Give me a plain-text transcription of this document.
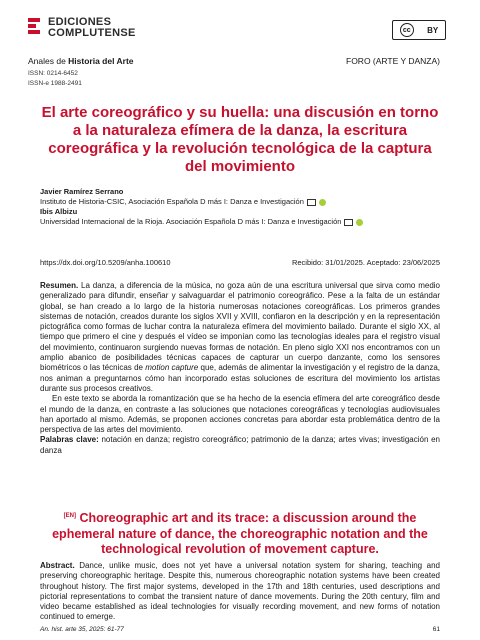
EDICIONES
COMPLUTENSE	cc	BY
Anales de Historia del Arte	FORO (ARTE Y DANZA)
ISSN: 0214-6452
ISSN-e 1988-2491
El arte coreográfico y su huella: una discusión en torno a la naturaleza efímera de la danza, la escritura coreográfica y la revolución tecnológica de la captura del movimiento
Javier Ramírez Serrano
Instituto de Historia-CSIC, Asociación Española D más I: Danza e Investigación
Ibis Albizu
Universidad Internacional de la Rioja. Asociación Española D más I: Danza e Investigación
https://dx.doi.org/10.5209/anha.100610	Recibido: 31/01/2025. Aceptado: 23/06/2025

Resumen. La danza, a diferencia de la música, no goza aún de una escritura universal que sirva como medio generalizado para difundir, enseñar y salvaguardar el patrimonio coreográfico. Pese a la falta de un estándar global, se han creado a lo largo de la historia numerosas notaciones coreográficas. Los primeros grandes sistemas de notación, creados durante los siglos XVII y XVIII, confiaron en la descripción y en la representación pictográfica como formas de luchar contra la naturaleza efímera del movimiento bailado. Durante el siglo XX, al tiempo que primero el cine y después el vídeo se imponían como las tecnologías ideales para el registro visual del movimiento, continuaron surgiendo nuevas formas de notación. En pleno siglo XXI nos encontramos con un amplio abanico de posibilidades técnicas capaces de capturar un cuerpo danzante, como los sensores biométricos o las técnicas de motion capture que, además de alimentar la investigación y el registro de la danza, nos animan a preguntarnos cómo han incorporado estas soluciones de escritura del movimiento los artistas durante sus procesos creativos.

En este texto se aborda la romantización que se ha hecho de la esencia efímera del arte coreográfico desde el mundo de la danza, en contraste a las soluciones que notaciones coreográficas y tecnologías audiovisuales han aportado al mismo. Además, se proponen acciones concretas para abordar esta problemática dentro de la perspectiva de las artes del movimiento.

Palabras clave: notación en danza; registro coreográfico; patrimonio de la danza; artes vivas; investigación en danza

[EN] Choreographic art and its trace: a discussion around the ephemeral nature of dance, the choreographic notation and the technological revolution of movement capture.
Abstract. Dance, unlike music, does not yet have a universal notation system for sharing, teaching and preserving choreographic heritage. Despite this, numerous choreographic notation systems have been created throughout history. The first major systems, developed in the 17th and 18th centuries, used descriptions and pictorial representations to combat the transient nature of dance movements. During the 20th century, film and video became established as ideal technologies for visually recording movement, and new forms of notation continued to emerge.
An. hist. arte 35, 2025: 61-77	61
